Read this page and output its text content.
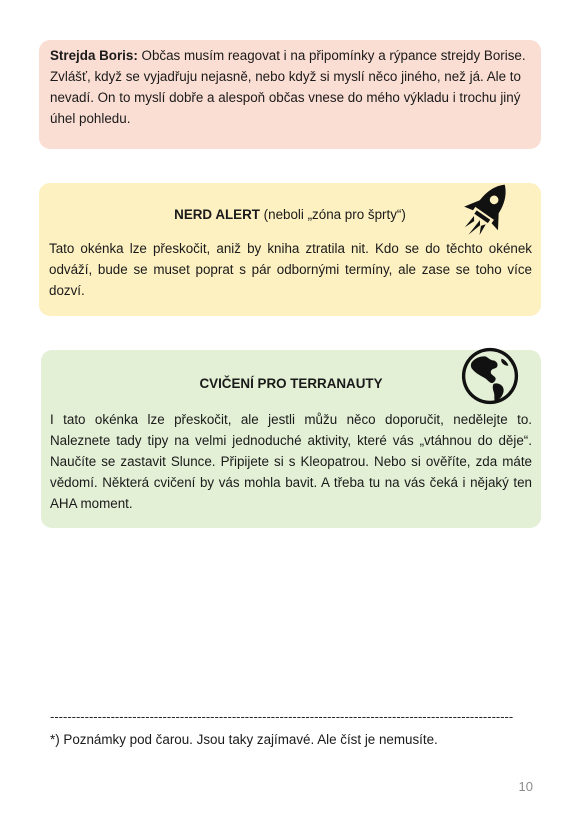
Strejda Boris: Občas musím reagovat i na připomínky a rýpance strejdy Borise. Zvlášť, když se vyjadřuju nejasně, nebo když si myslí něco jiného, než já. Ale to nevadí. On to myslí dobře a alespoň občas vnese do mého výkladu i trochu jiný úhel pohledu.

NERD ALERT (neboli „zóna pro šprty“)

Tato okénka lze přeskočit, aniž by kniha ztratila nit. Kdo se do těchto okének odváží, bude se muset poprat s pár odbornými termíny, ale zase se toho více dozví.

CVIČENÍ PRO TERRANAUTY

I tato okénka lze přeskočit, ale jestli můžu něco doporučit, nedělejte to. Naleznete tady tipy na velmi jednoduché aktivity, které vás „vtáhnou do děje“. Naučíte se zastavit Slunce. Připijete si s Kleopatrou. Nebo si ověříte, zda máte vědomí. Některá cvičení by vás mohla bavit. A třeba tu na vás čeká i nějaký ten AHA moment.

-----------------------------------------------------------------------------------------------------------
*) Poznámky pod čarou. Jsou taky zajímavé. Ale číst je nemusíte.
10
